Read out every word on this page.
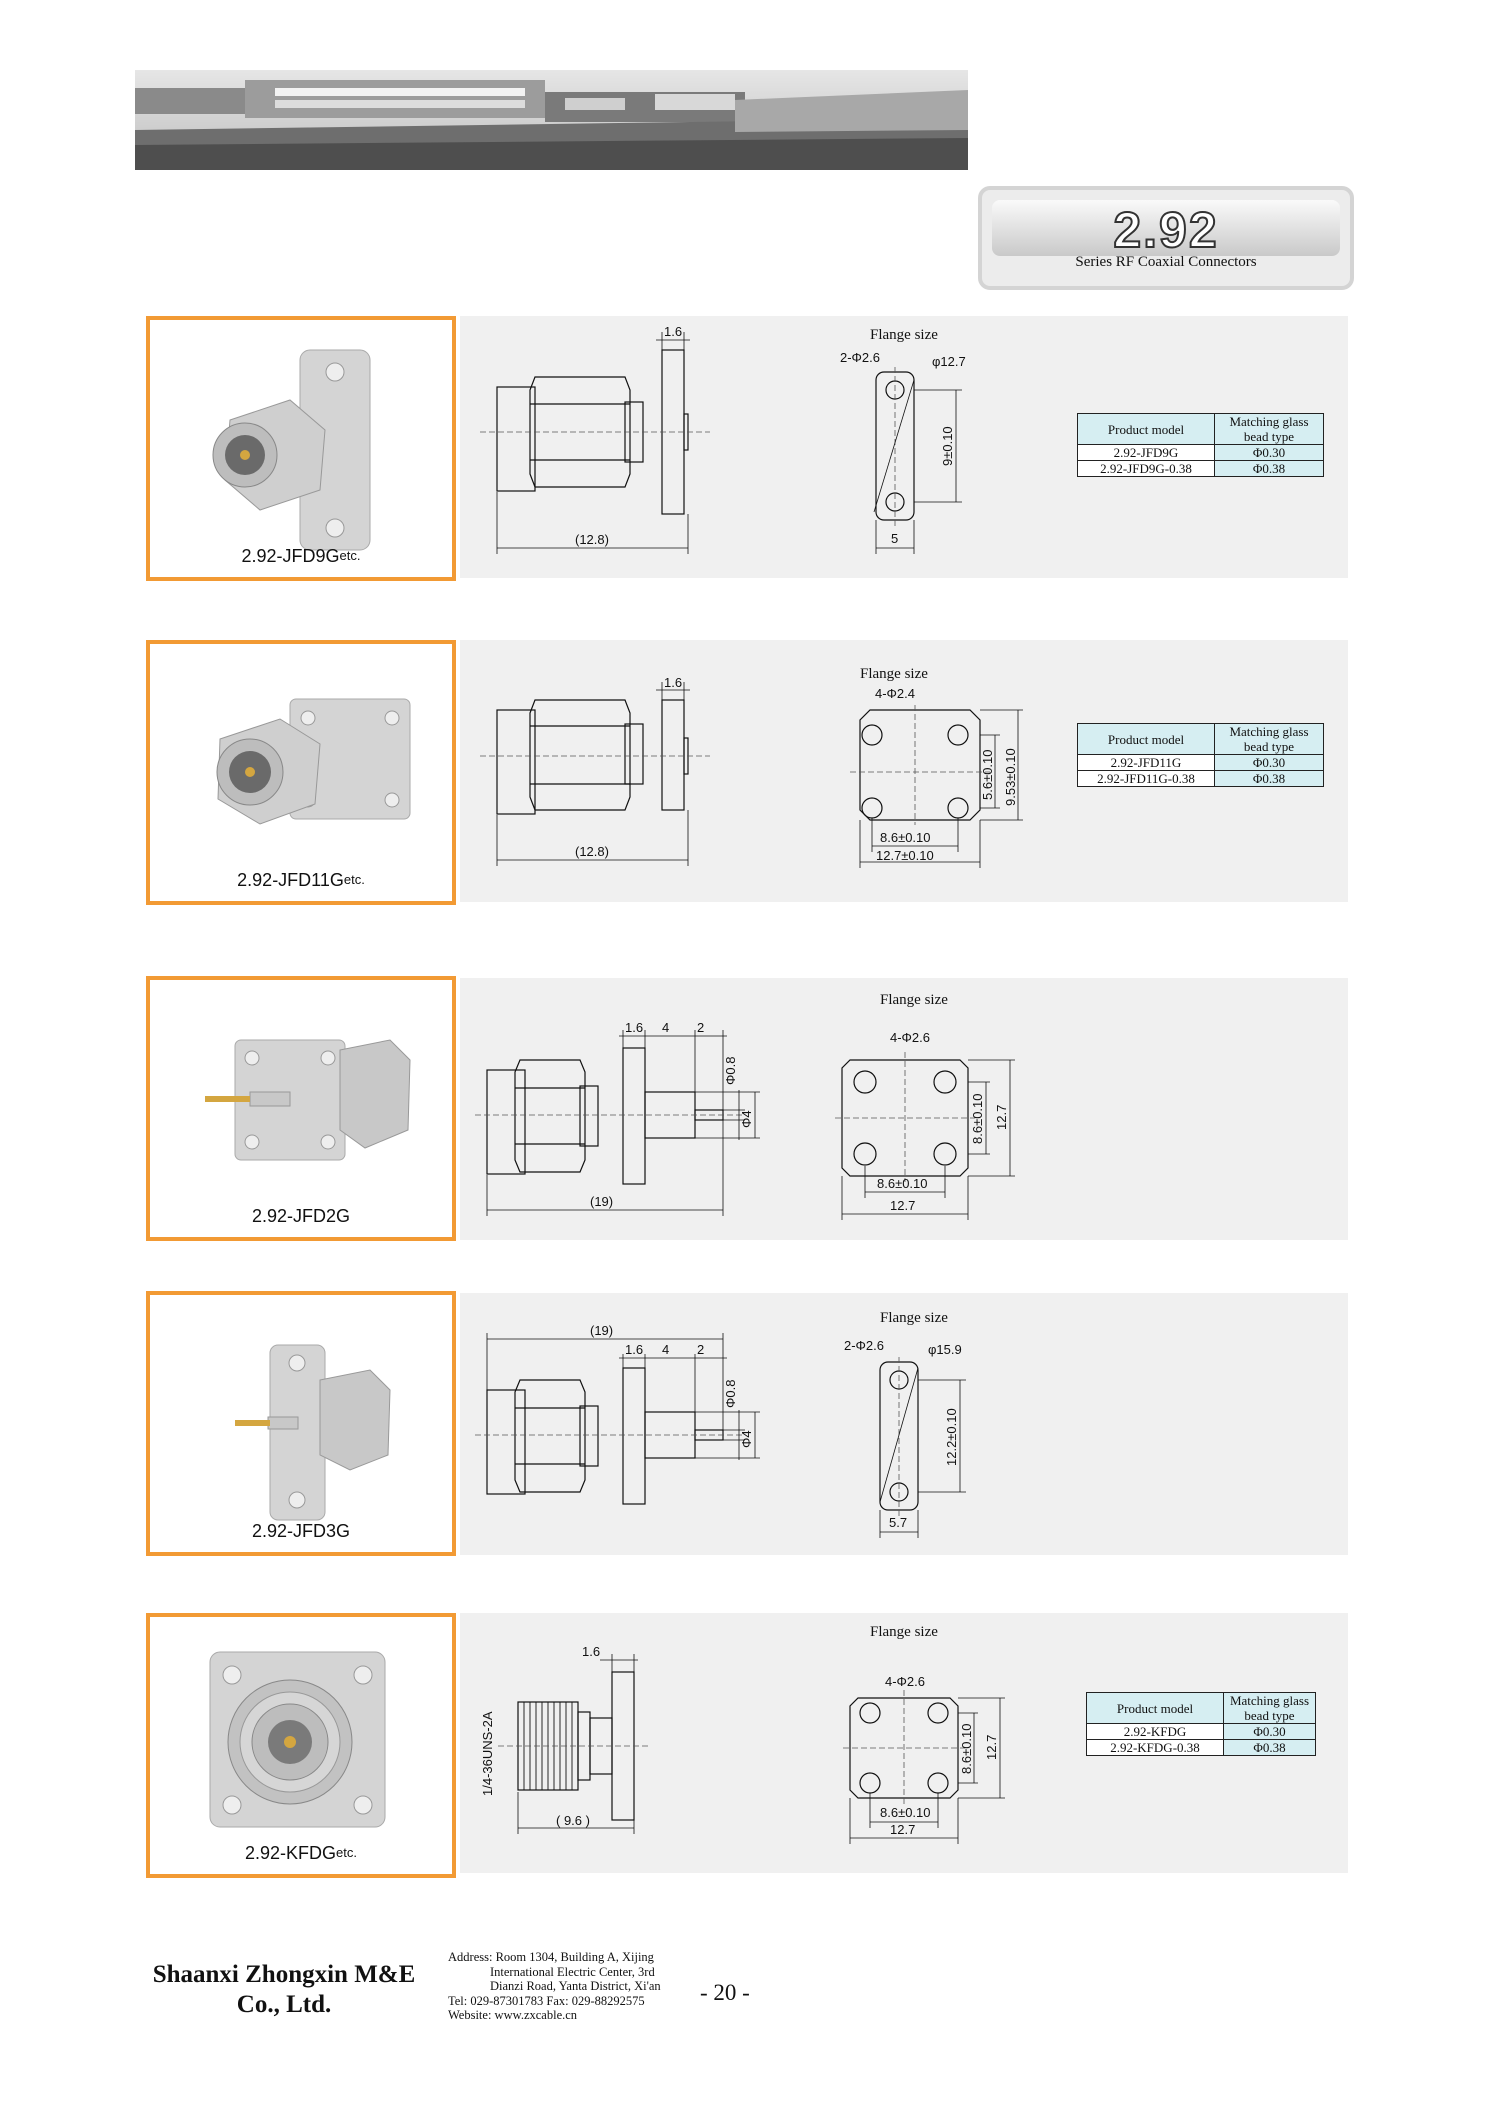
2.92
Series RF Coaxial Connectors
$2.92-JFD9G^{etc.}$
1.6
(12.8)
Flange size
2-Φ2.6	φ12.7
9±0.10
5
Product model	Matching glass bead type
2.92-JFD9G	Φ0.30
2.92-JFD9G-0.38	Φ0.38
$2.92-JFD11G^{etc.}$
1.6
(12.8)
Flange size
4-Φ2.4
5.6±0.10 9.53±0.10
8.6±0.10
12.7±0.10
Product model	Matching glass bead type
2.92-JFD11G	Φ0.30
2.92-JFD11G-0.38	Φ0.38
2.92-JFD2G
1.6 4 2
Φ0.8
Φ4
(19)
Flange size
4-Φ2.6
8.6±0.10 12.7
8.6±0.10
12.7
2.92-JFD3G
(19)
1.6 4 2
Φ0.8
Φ4
Flange size
2-Φ2.6	φ15.9
12.2±0.10
5.7
$2.92-KFDG^{etc.}$
1.6
1/4-36UNS-2A
( 9.6 )
Flange size
4-Φ2.6
8.6±0.10 12.7
8.6±0.10
12.7
Product model	Matching glass bead type
2.92-KFDG	Φ0.30
2.92-KFDG-0.38	Φ0.38
Shaanxi Zhongxin M&E
Co., Ltd.
Address: Room 1304, Building A, Xijing
International Electric Center, 3rd
Dianzi Road, Yanta District, Xi'an
Tel: 029-87301783 Fax: 029-88292575
Website: www.zxcable.cn
- 20 -
